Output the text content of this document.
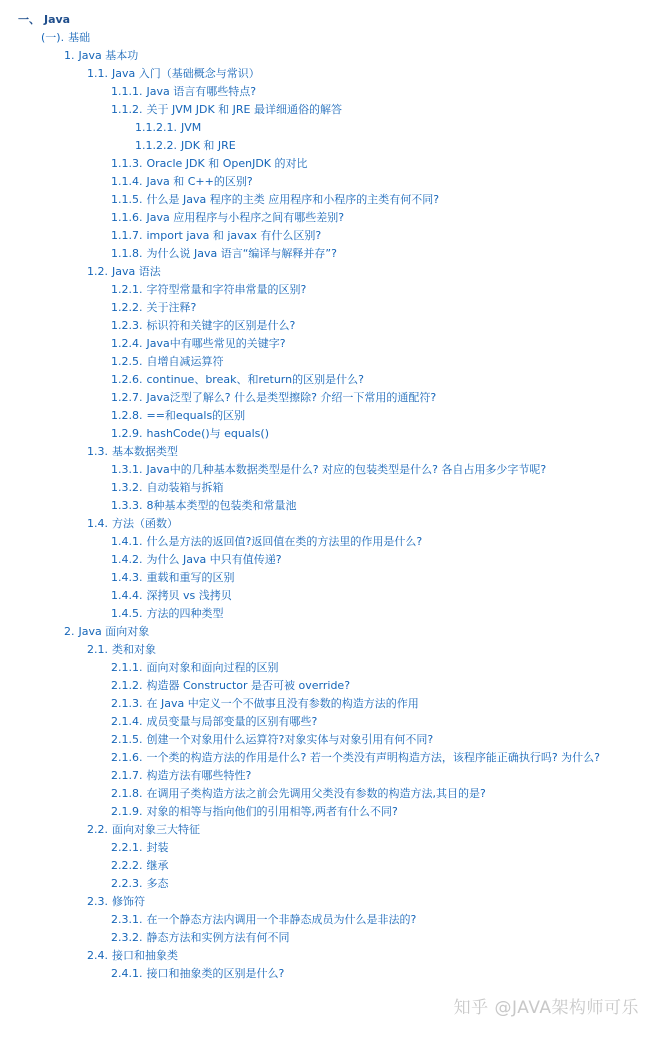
一、 Java
(一). 基础
1. Java 基本功
1.1. Java 入门（基础概念与常识）
1.1.1. Java 语言有哪些特点?
1.1.2. 关于 JVM JDK 和 JRE 最详细通俗的解答
1.1.2.1. JVM
1.1.2.2. JDK 和 JRE
1.1.3. Oracle JDK 和 OpenJDK 的对比
1.1.4. Java 和 C++的区别?
1.1.5. 什么是 Java 程序的主类 应用程序和小程序的主类有何不同?
1.1.6. Java 应用程序与小程序之间有哪些差别?
1.1.7. import java 和 javax 有什么区别?
1.1.8. 为什么说 Java 语言“编译与解释并存”?
1.2. Java 语法
1.2.1. 字符型常量和字符串常量的区别?
1.2.2. 关于注释?
1.2.3. 标识符和关键字的区别是什么?
1.2.4. Java中有哪些常见的关键字?
1.2.5. 自增自减运算符
1.2.6. continue、break、和return的区别是什么?
1.2.7. Java泛型了解么? 什么是类型擦除? 介绍一下常用的通配符?
1.2.8. ==和equals的区别
1.2.9. hashCode()与 equals()
1.3. 基本数据类型
1.3.1. Java中的几种基本数据类型是什么? 对应的包装类型是什么? 各自占用多少字节呢?
1.3.2. 自动装箱与拆箱
1.3.3. 8种基本类型的包装类和常量池
1.4. 方法（函数）
1.4.1. 什么是方法的返回值?返回值在类的方法里的作用是什么?
1.4.2. 为什么 Java 中只有值传递?
1.4.3. 重载和重写的区别
1.4.4. 深拷贝 vs 浅拷贝
1.4.5. 方法的四种类型
2. Java 面向对象
2.1. 类和对象
2.1.1. 面向对象和面向过程的区别
2.1.2. 构造器 Constructor 是否可被 override?
2.1.3. 在 Java 中定义一个不做事且没有参数的构造方法的作用
2.1.4. 成员变量与局部变量的区别有哪些?
2.1.5. 创建一个对象用什么运算符?对象实体与对象引用有何不同?
2.1.6. 一个类的构造方法的作用是什么? 若一个类没有声明构造方法，该程序能正确执行吗? 为什么?
2.1.7. 构造方法有哪些特性?
2.1.8. 在调用子类构造方法之前会先调用父类没有参数的构造方法,其目的是?
2.1.9. 对象的相等与指向他们的引用相等,两者有什么不同?
2.2. 面向对象三大特征
2.2.1. 封装
2.2.2. 继承
2.2.3. 多态
2.3. 修饰符
2.3.1. 在一个静态方法内调用一个非静态成员为什么是非法的?
2.3.2. 静态方法和实例方法有何不同
2.4. 接口和抽象类
2.4.1. 接口和抽象类的区别是什么?
知乎 @JAVA架构师可乐
